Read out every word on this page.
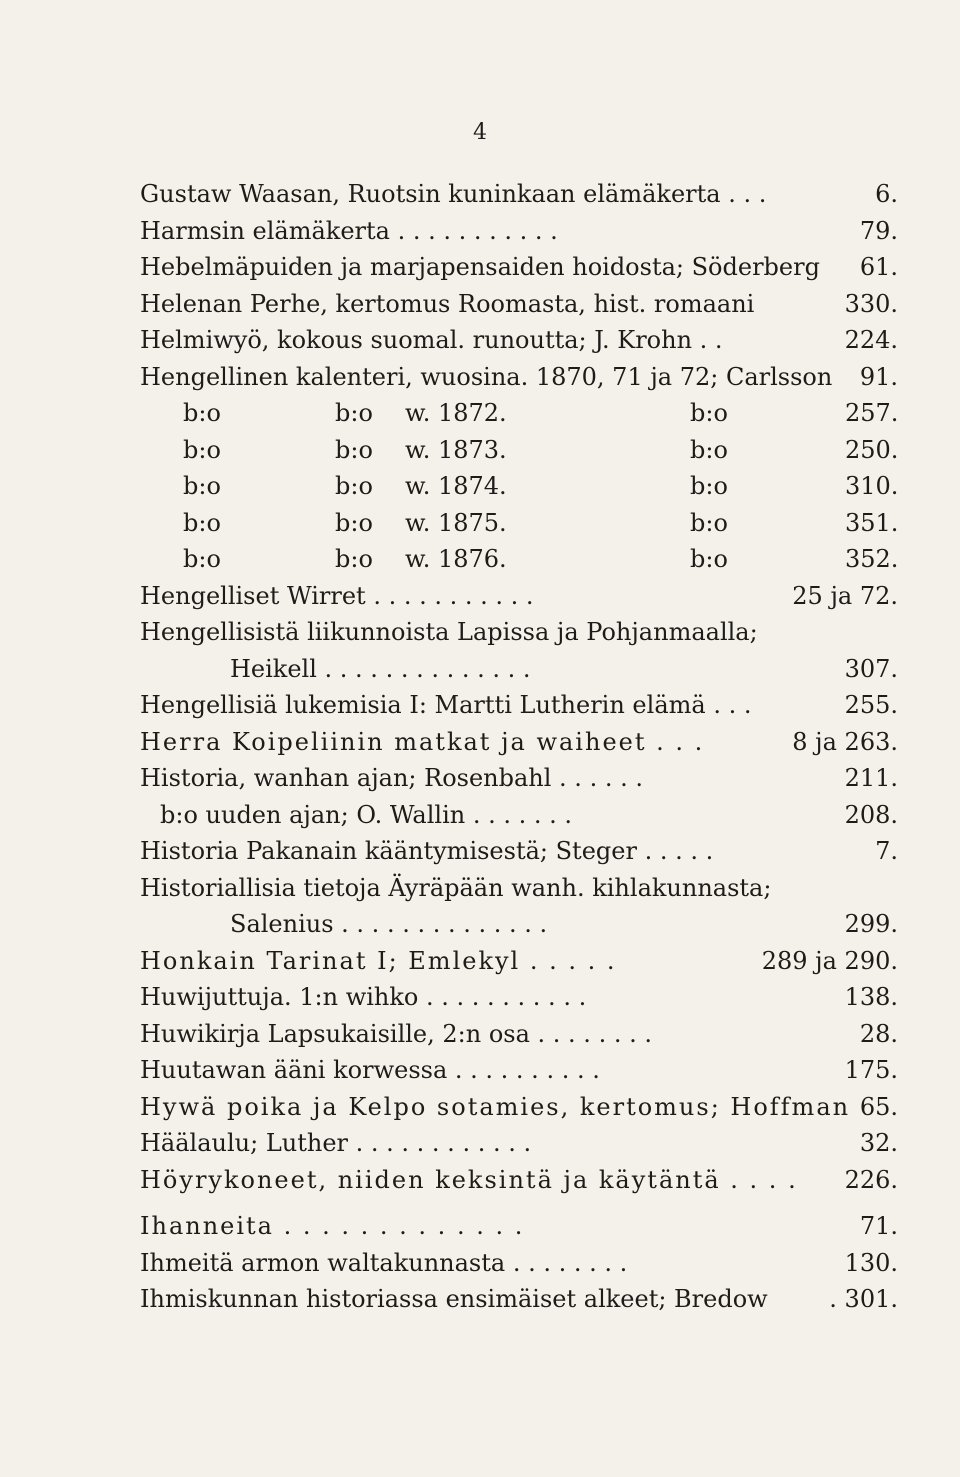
4
Gustaw Waasan, Ruotsin kuninkaan elämäkerta . . .	6.
Harmsin elämäkerta . . . . . . . . . . .	79.
Hebelmäpuiden ja marjapensaiden hoidosta; Söderberg 61.
Helenan Perhe, kertomus Roomasta, hist. romaani	330.
Helmiwyö, kokous suomal. runoutta; J. Krohn . .	224.
Hengellinen kalenteri, wuosina. 1870, 71 ja 72; Carlsson 91.
b:o	b:o w. 1872.	b:o	257.
b:o	b:o w. 1873.	b:o	250.
b:o	b:o w. 1874.	b:o	310.
b:o	b:o w. 1875.	b:o	351.
b:o	b:o w. 1876.	b:o	352.
Hengelliset Wirret . . . . . . . . . . .	25 ja 72.
Hengellisistä liikunnoista Lapissa ja Pohjanmaalla;
Heikell . . . . . . . . . . . . . .	307.
Hengellisiä lukemisia I: Martti Lutherin elämä . . .	255.
Herra Koipeliinin matkat ja waiheet . . .	8 ja 263.
Historia, wanhan ajan; Rosenbahl . . . . . .	211.
b:o uuden ajan; O. Wallin . . . . . . .	208.
Historia Pakanain kääntymisestä; Steger . . . . .	7.
Historiallisia tietoja Äyräpään wanh. kihlakunnasta;
Salenius . . . . . . . . . . . . . .	299.
Honkain Tarinat I; Emlekyl . . . . .	289 ja 290.
Huwijuttuja. 1:n wihko . . . . . . . . . . .	138.
Huwikirja Lapsukaisille, 2:n osa . . . . . . . .	28.
Huutawan ääni korwessa . . . . . . . . . .	175.
Hywä poika ja Kelpo sotamies, kertomus; Hoffman 65.
Häälaulu; Luther . . . . . . . . . . . .	32.
Höyrykoneet, niiden keksintä ja käytäntä . . . . 226.
Ihanneita . . . . . . . . . . . . .	71.
Ihmeitä armon waltakunnasta . . . . . . . .	130.
Ihmiskunnan historiassa ensimäiset alkeet; Bredow	. 301.
